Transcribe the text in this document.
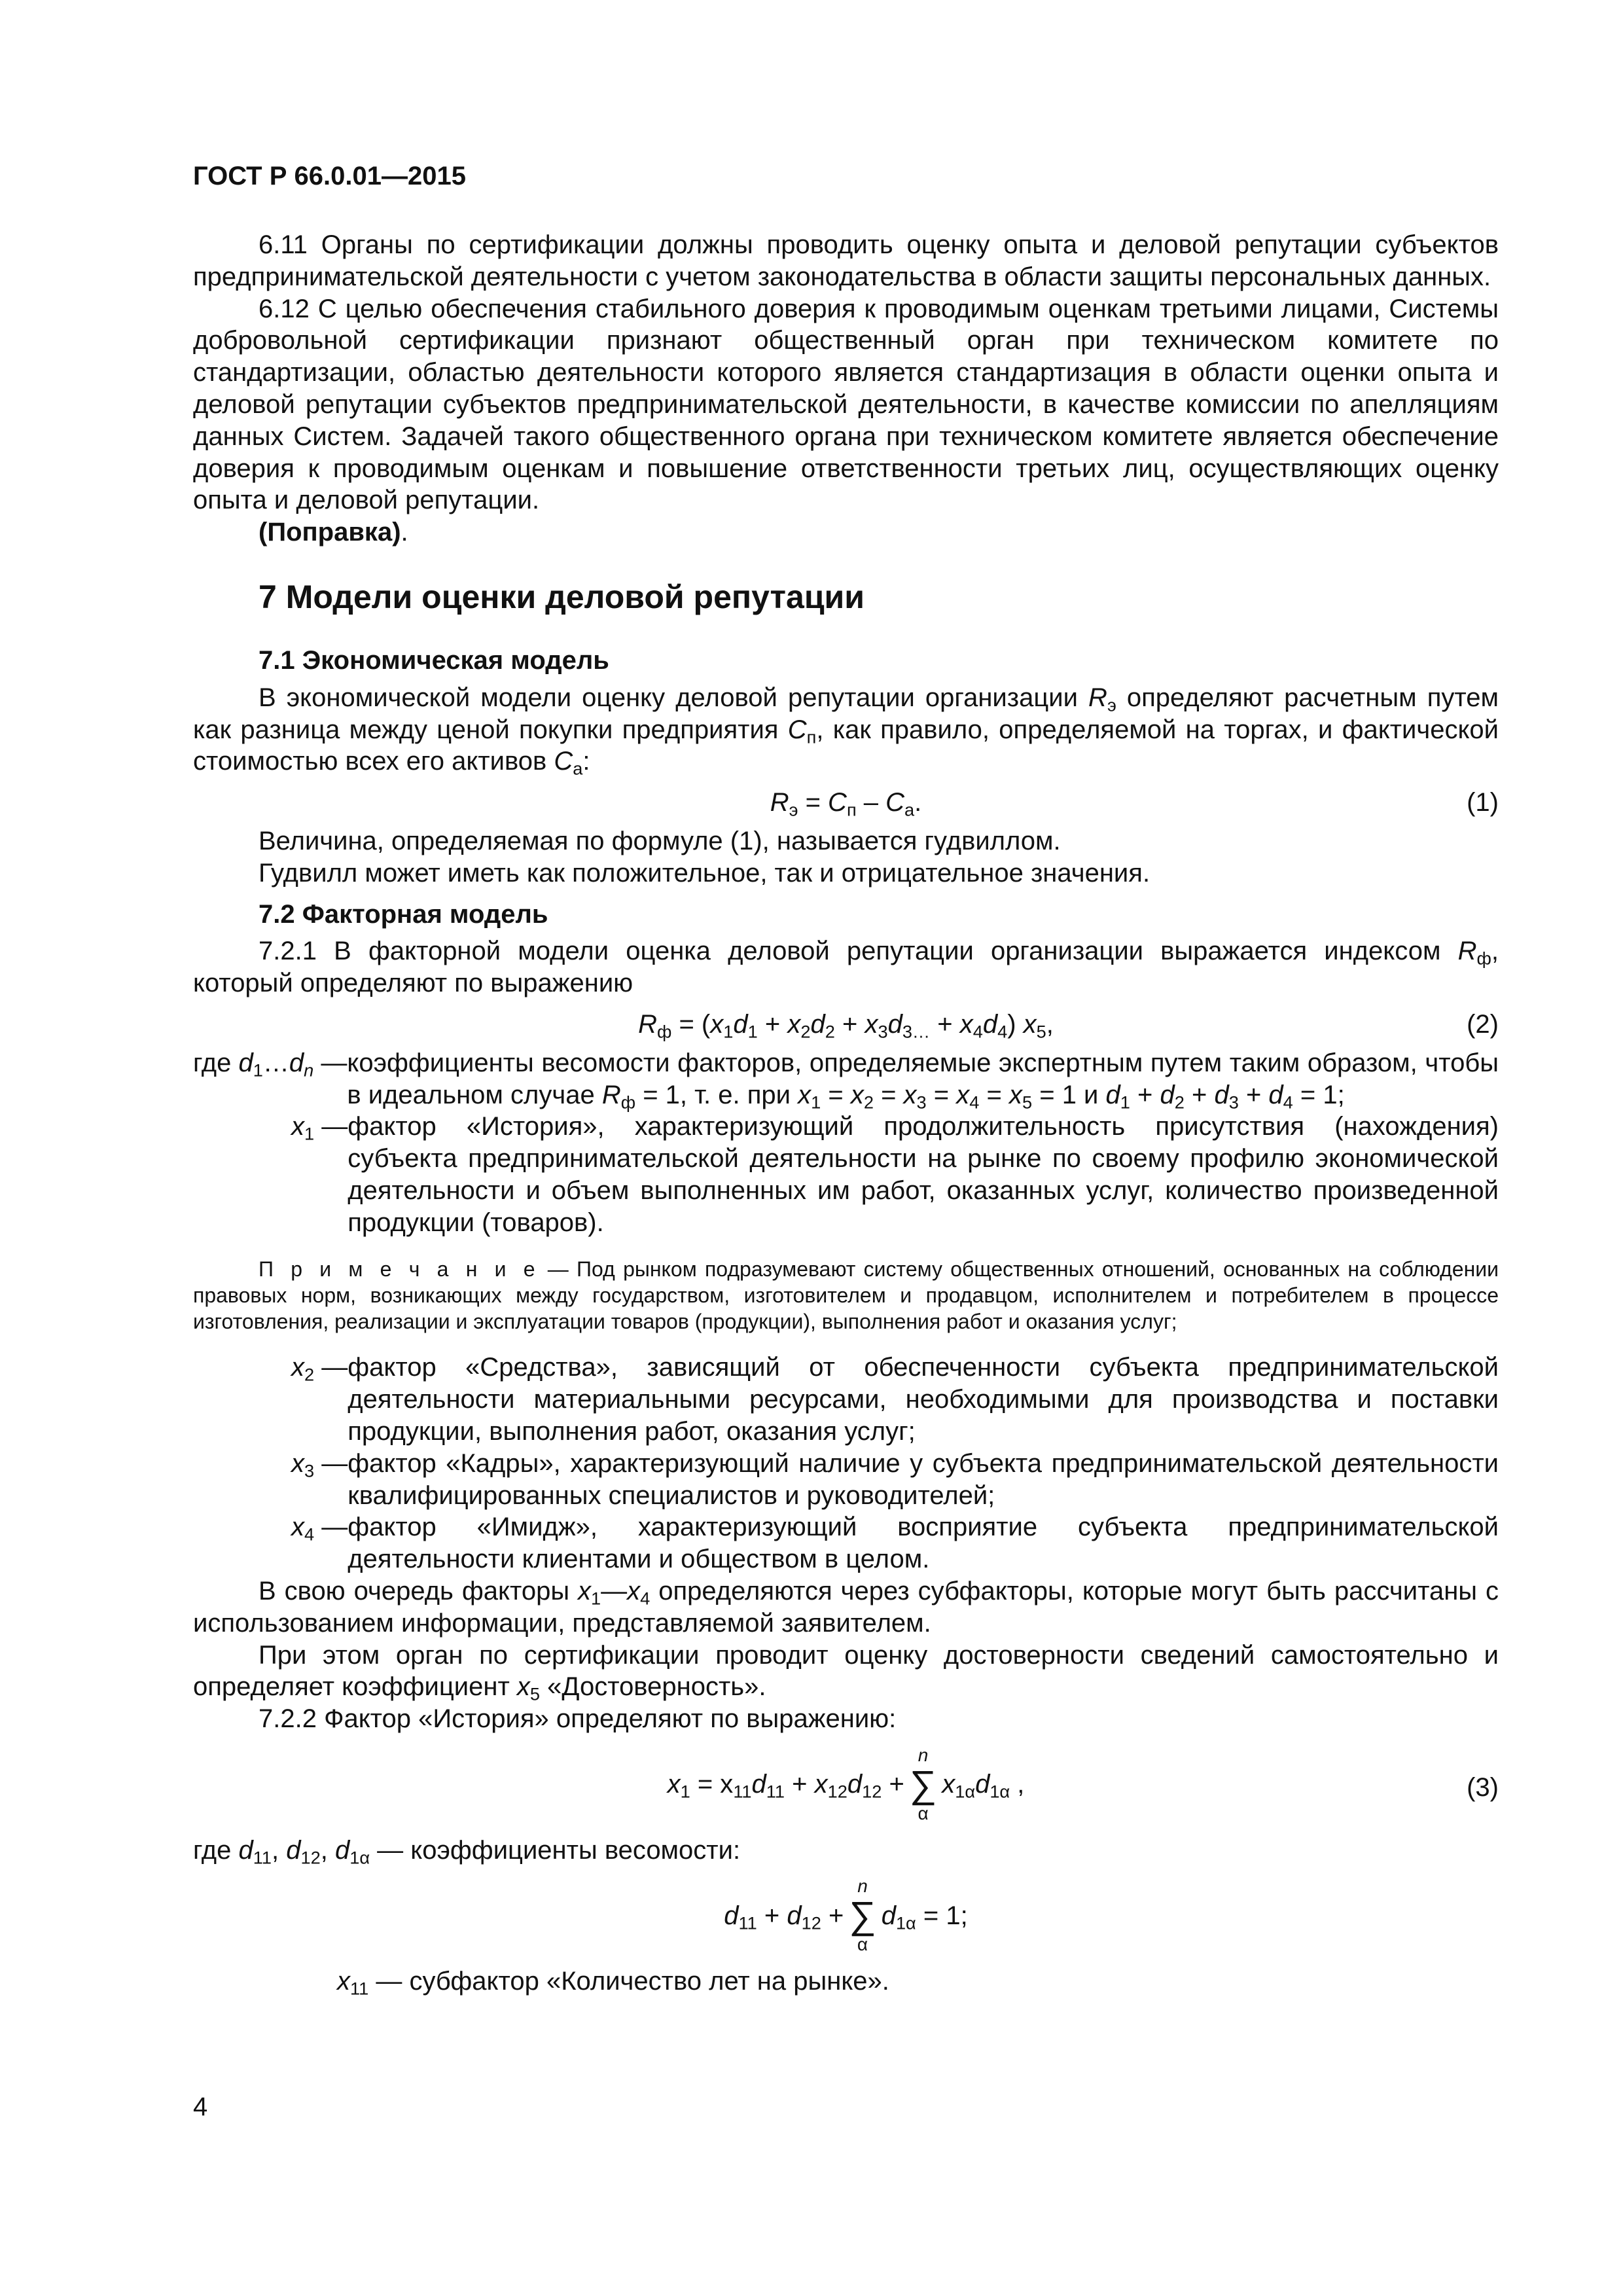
ГОСТ Р 66.0.01—2015

6.11 Органы по сертификации должны проводить оценку опыта и деловой репутации субъектов предпринимательской деятельности с учетом законодательства в области защиты персональных данных.

6.12 С целью обеспечения стабильного доверия к проводимым оценкам третьими лицами, Системы добровольной сертификации признают общественный орган при техническом комитете по стандартизации, областью деятельности которого является стандартизация в области оценки опыта и деловой репутации субъектов предпринимательской деятельности, в качестве комиссии по апелляциям данных Систем. Задачей такого общественного органа при техническом комитете является обеспечение доверия к проводимым оценкам и повышение ответственности третьих лиц, осуществляющих оценку опыта и деловой репутации.

(Поправка).

7 Модели оценки деловой репутации

7.1 Экономическая модель

В экономической модели оценку деловой репутации организации $R_э$ определяют расчетным путем как разница между ценой покупки предприятия $C_п$, как правило, определяемой на торгах, и фактической стоимостью всех его активов $C_а$:

$R_э = C_п - C_а$.	(1)

Величина, определяемая по формуле (1), называется гудвиллом.

Гудвилл может иметь как положительное, так и отрицательное значения.

7.2 Факторная модель

7.2.1 В факторной модели оценка деловой репутации организации выражается индексом $R_ф$, который определяют по выражению

$R_ф = (x_1d_1 + x_2d_2 + x_3d_{3\dots} + x_4d_4)$ $x_5$,	(2)
где $d_1\dots d_n$ — коэффициенты весомости факторов, определяемые экспертным путем таким образом, чтобы в идеальном случае $R_ф = 1$, т. е. при $x_1 = x_2 = x_3 = x_4 = x_5 = 1$ и $d_1 + d_2 + d_3 + d_4 = 1$;
$x_1$ — фактор «История», характеризующий продолжительность присутствия (нахождения) субъекта предпринимательской деятельности на рынке по своему профилю экономической деятельности и объем выполненных им работ, оказанных услуг, количество произведенной продукции (товаров).

П р и м е ч а н и е — Под рынком подразумевают систему общественных отношений, основанных на соблюдении правовых норм, возникающих между государством, изготовителем и продавцом, исполнителем и потребителем в процессе изготовления, реализации и эксплуатации товаров (продукции), выполнения работ и оказания услуг;

$x_2$ — фактор «Средства», зависящий от обеспеченности субъекта предпринимательской деятельности материальными ресурсами, необходимыми для производства и поставки продукции, выполнения работ, оказания услуг;
$x_3$ — фактор «Кадры», характеризующий наличие у субъекта предпринимательской деятельности квалифицированных специалистов и руководителей;
$x_4$ — фактор «Имидж», характеризующий восприятие субъекта предпринимательской деятельности клиентами и обществом в целом.

В свою очередь факторы $x_1—x_4$ определяются через субфакторы, которые могут быть рассчитаны с использованием информации, представляемой заявителем.

При этом орган по сертификации проводит оценку достоверности сведений самостоятельно и определяет коэффициент $x_5$ «Достоверность».

7.2.2 Фактор «История» определяют по выражению:

$x_1 = x_{11}d_{11} + x_{12}d_{12}$ +
n
∑
α
$x_{1\alpha}d_{1\alpha}$ ,	(3)

где $d_{11}$, $d_{12}$, $d_{1\alpha}$ — коэффициенты весомости:

$d_{11} + d_{12}$ +
n
∑
α
$d_{1\alpha} = 1$;

$x_{11}$ — субфактор «Количество лет на рынке».

4
